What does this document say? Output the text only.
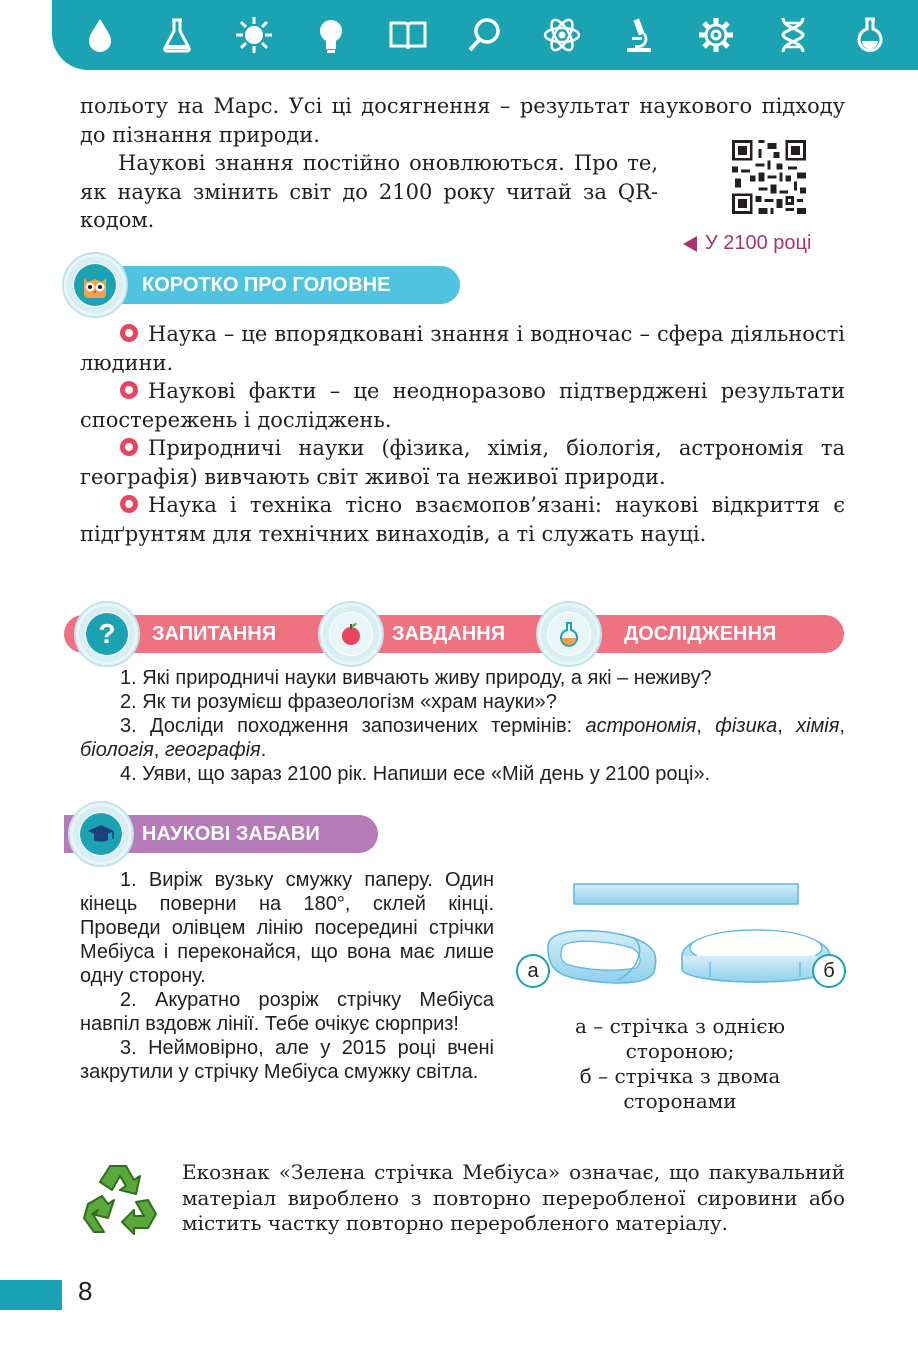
польоту на Марс. Усі ці досягнення – результат наукового підходу до пізнання природи.

Наукові знання постійно оновлюються. Про те, як наука змінить світ до 2100 року читай за QR-кодом.

У 2100 році
КОРОТКО ПРО ГОЛОВНЕ
Наука – це впорядковані знання і водночас – сфера діяльності людини.
Наукові факти – це неодноразово підтверджені результати спостережень і досліджень.
Природничі науки (фізика, хімія, біологія, астрономія та географія) вивчають світ живої та неживої природи.
Наука і техніка тісно взаємопов’язані: наукові відкриття є підґрунтям для технічних винаходів, а ті служать науці.
ЗАПИТАННЯ	ЗАВДАННЯ	ДОСЛІДЖЕННЯ
?
1. Які природничі науки вивчають живу природу, а які – неживу?
2. Як ти розумієш фразеологізм «храм науки»?
3. Досліди походження запозичених термінів: астрономія, фізика, хімія, біологія, географія.
4. Уяви, що зараз 2100 рік. Напиши есе «Мій день у 2100 році».
НАУКОВІ ЗАБАВИ

1. Виріж вузьку смужку паперу. Один кінець поверни на 180°, склей кінці. Проведи олівцем лінію посередині стрічки Мебіуса і переконайся, що вона має лише одну сторону.

2. Акуратно розріж стрічку Мебіуса навпіл вздовж лінії. Тебе очікує сюрприз!

3. Неймовірно, але у 2015 році вчені закрутили у стрічку Мебіуса смужку світла.

а	б

а – стрічка з однією стороною;

б – стрічка з двома сторонами

Екознак «Зелена стрічка Мебіуса» означає, що пакувальний матеріал вироблено з повторно переробленої сировини або містить частку повторно переробленого матеріалу.

8
